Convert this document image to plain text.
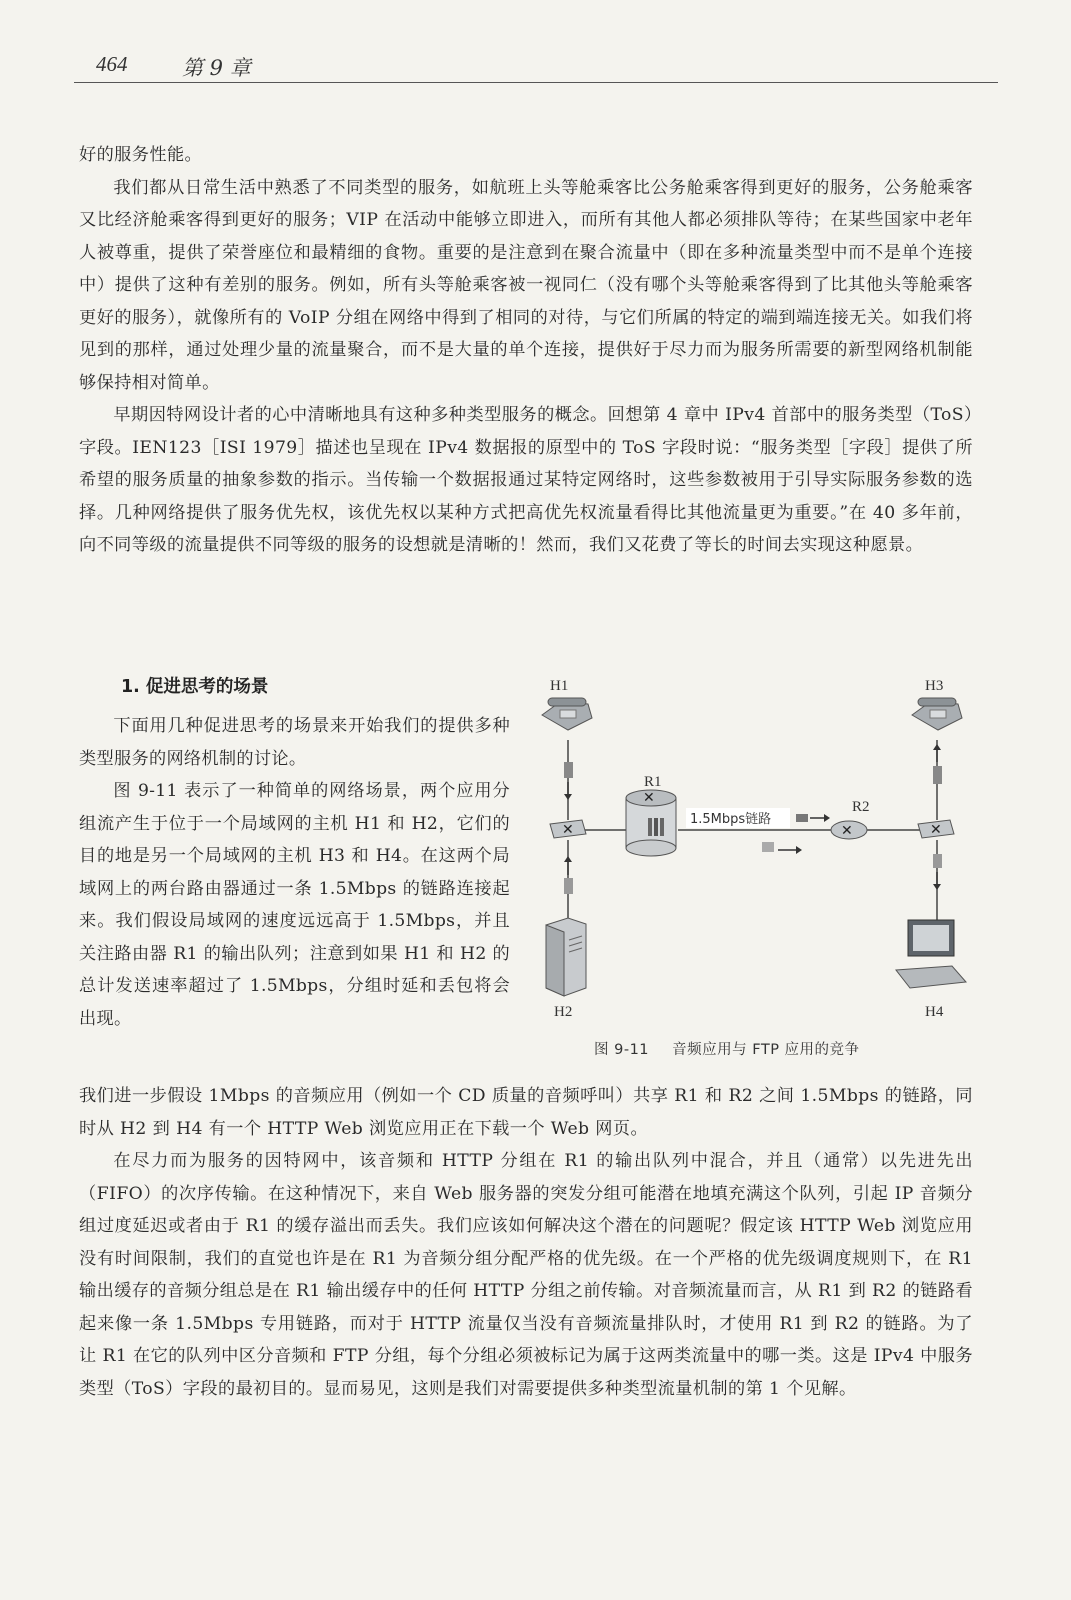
464	第 9 章

好的服务性能。

我们都从日常生活中熟悉了不同类型的服务，如航班上头等舱乘客比公务舱乘客得到更好的服务，公务舱乘客又比经济舱乘客得到更好的服务；VIP 在活动中能够立即进入，而所有其他人都必须排队等待；在某些国家中老年人被尊重，提供了荣誉座位和最精细的食物。重要的是注意到在聚合流量中（即在多种流量类型中而不是单个连接中）提供了这种有差别的服务。例如，所有头等舱乘客被一视同仁（没有哪个头等舱乘客得到了比其他头等舱乘客更好的服务），就像所有的 VoIP 分组在网络中得到了相同的对待，与它们所属的特定的端到端连接无关。如我们将见到的那样，通过处理少量的流量聚合，而不是大量的单个连接，提供好于尽力而为服务所需要的新型网络机制能够保持相对简单。

早期因特网设计者的心中清晰地具有这种多种类型服务的概念。回想第 4 章中 IPv4 首部中的服务类型（ToS）字段。IEN123［ISI 1979］描述也呈现在 IPv4 数据报的原型中的 ToS 字段时说：“服务类型［字段］提供了所希望的服务质量的抽象参数的指示。当传输一个数据报通过某特定网络时，这些参数被用于引导实际服务参数的选择。几种网络提供了服务优先权，该优先权以某种方式把高优先权流量看得比其他流量更为重要。”在 40 多年前，向不同等级的流量提供不同等级的服务的设想就是清晰的！然而，我们又花费了等长的时间去实现这种愿景。

1. 促进思考的场景

下面用几种促进思考的场景来开始我们的提供多种类型服务的网络机制的讨论。

图 9-11 表示了一种简单的网络场景，两个应用分组流产生于位于一个局域网的主机 H1 和 H2，它们的目的地是另一个局域网的主机 H3 和 H4。在这两个局域网上的两台路由器通过一条 1.5Mbps 的链路连接起来。我们假设局域网的速度远远高于 1.5Mbps，并且关注路由器 R1 的输出队列；注意到如果 H1 和 H2 的总计发送速率超过了 1.5Mbps，分组时延和丢包将会出现。

H1	H3
✕	✕
✕
R1
✕
R2
1.5Mbps链路
H2	H4
图 9-11 音频应用与 FTP 应用的竞争

我们进一步假设 1Mbps 的音频应用（例如一个 CD 质量的音频呼叫）共享 R1 和 R2 之间 1.5Mbps 的链路，同时从 H2 到 H4 有一个 HTTP Web 浏览应用正在下载一个 Web 网页。

在尽力而为服务的因特网中，该音频和 HTTP 分组在 R1 的输出队列中混合，并且（通常）以先进先出（FIFO）的次序传输。在这种情况下，来自 Web 服务器的突发分组可能潜在地填充满这个队列，引起 IP 音频分组过度延迟或者由于 R1 的缓存溢出而丢失。我们应该如何解决这个潜在的问题呢？假定该 HTTP Web 浏览应用没有时间限制，我们的直觉也许是在 R1 为音频分组分配严格的优先级。在一个严格的优先级调度规则下，在 R1 输出缓存的音频分组总是在 R1 输出缓存中的任何 HTTP 分组之前传输。对音频流量而言，从 R1 到 R2 的链路看起来像一条 1.5Mbps 专用链路，而对于 HTTP 流量仅当没有音频流量排队时，才使用 R1 到 R2 的链路。为了让 R1 在它的队列中区分音频和 FTP 分组，每个分组必须被标记为属于这两类流量中的哪一类。这是 IPv4 中服务类型（ToS）字段的最初目的。显而易见，这则是我们对需要提供多种类型流量机制的第 1 个见解。
